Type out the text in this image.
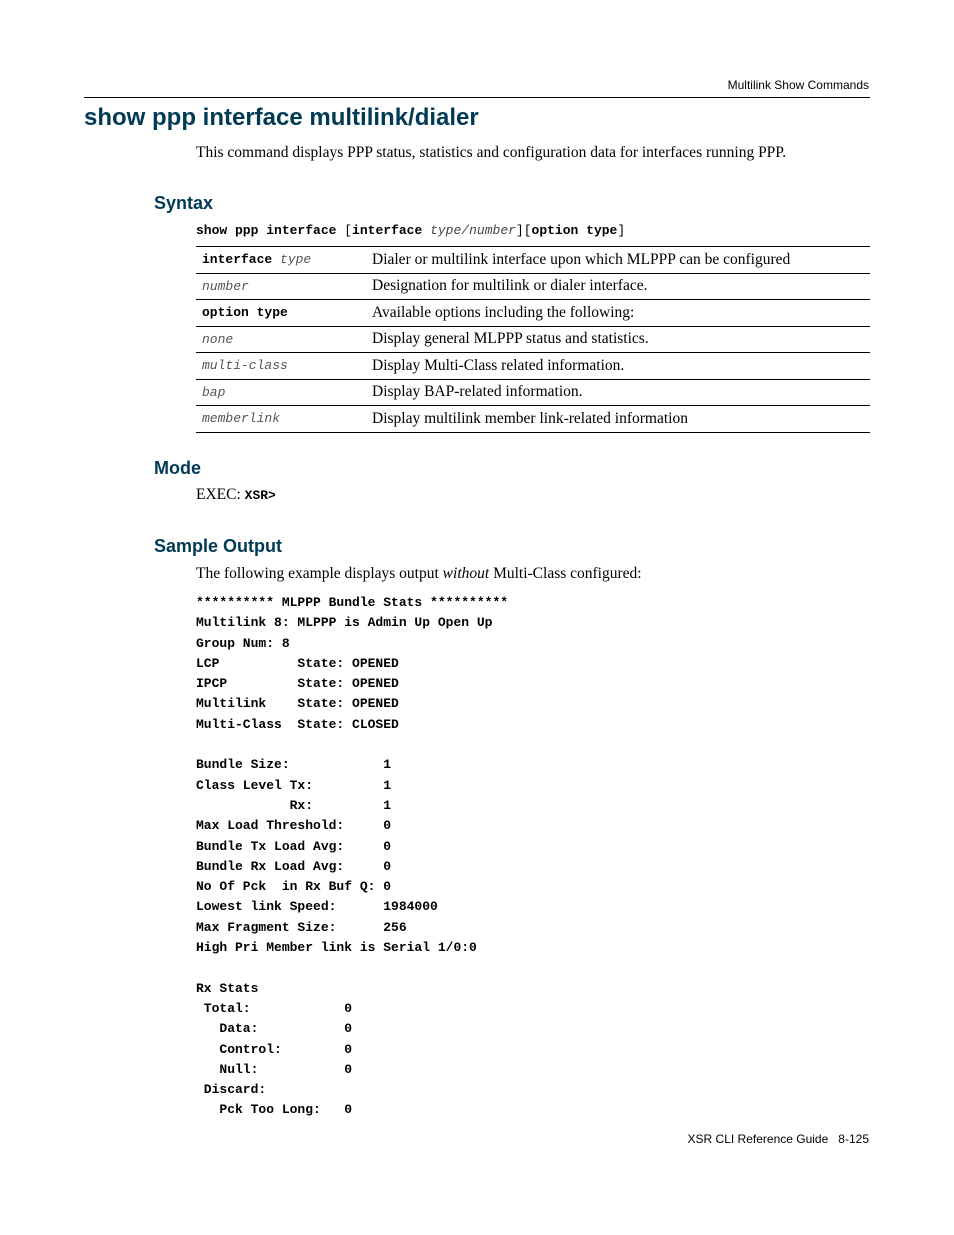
Multilink Show Commands
show ppp interface multilink/dialer
This command displays PPP status, statistics and configuration data for interfaces running PPP.
Syntax
show ppp interface [interface type/number][option type]
interface type	Dialer or multilink interface upon which MLPPP can be configured
number	Designation for multilink or dialer interface.
option type	Available options including the following:
none	Display general MLPPP status and statistics.
multi-class	Display Multi-Class related information.
bap	Display BAP-related information.
memberlink	Display multilink member link-related information
Mode
EXEC: XSR>
Sample Output
The following example displays output without Multi-Class configured:
********** MLPPP Bundle Stats **********
Multilink 8: MLPPP is Admin Up Open Up
Group Num: 8
LCP          State: OPENED
IPCP         State: OPENED
Multilink    State: OPENED
Multi-Class  State: CLOSED

Bundle Size:            1
Class Level Tx:         1
Rx:         1
Max Load Threshold:     0
Bundle Tx Load Avg:     0
Bundle Rx Load Avg:     0
No Of Pck  in Rx Buf Q: 0
Lowest link Speed:      1984000
Max Fragment Size:      256
High Pri Member link is Serial 1/0:0

Rx Stats
Total:            0
Data:           0
Control:        0
Null:           0
Discard:
Pck Too Long:   0
XSR CLI Reference Guide 8-125
